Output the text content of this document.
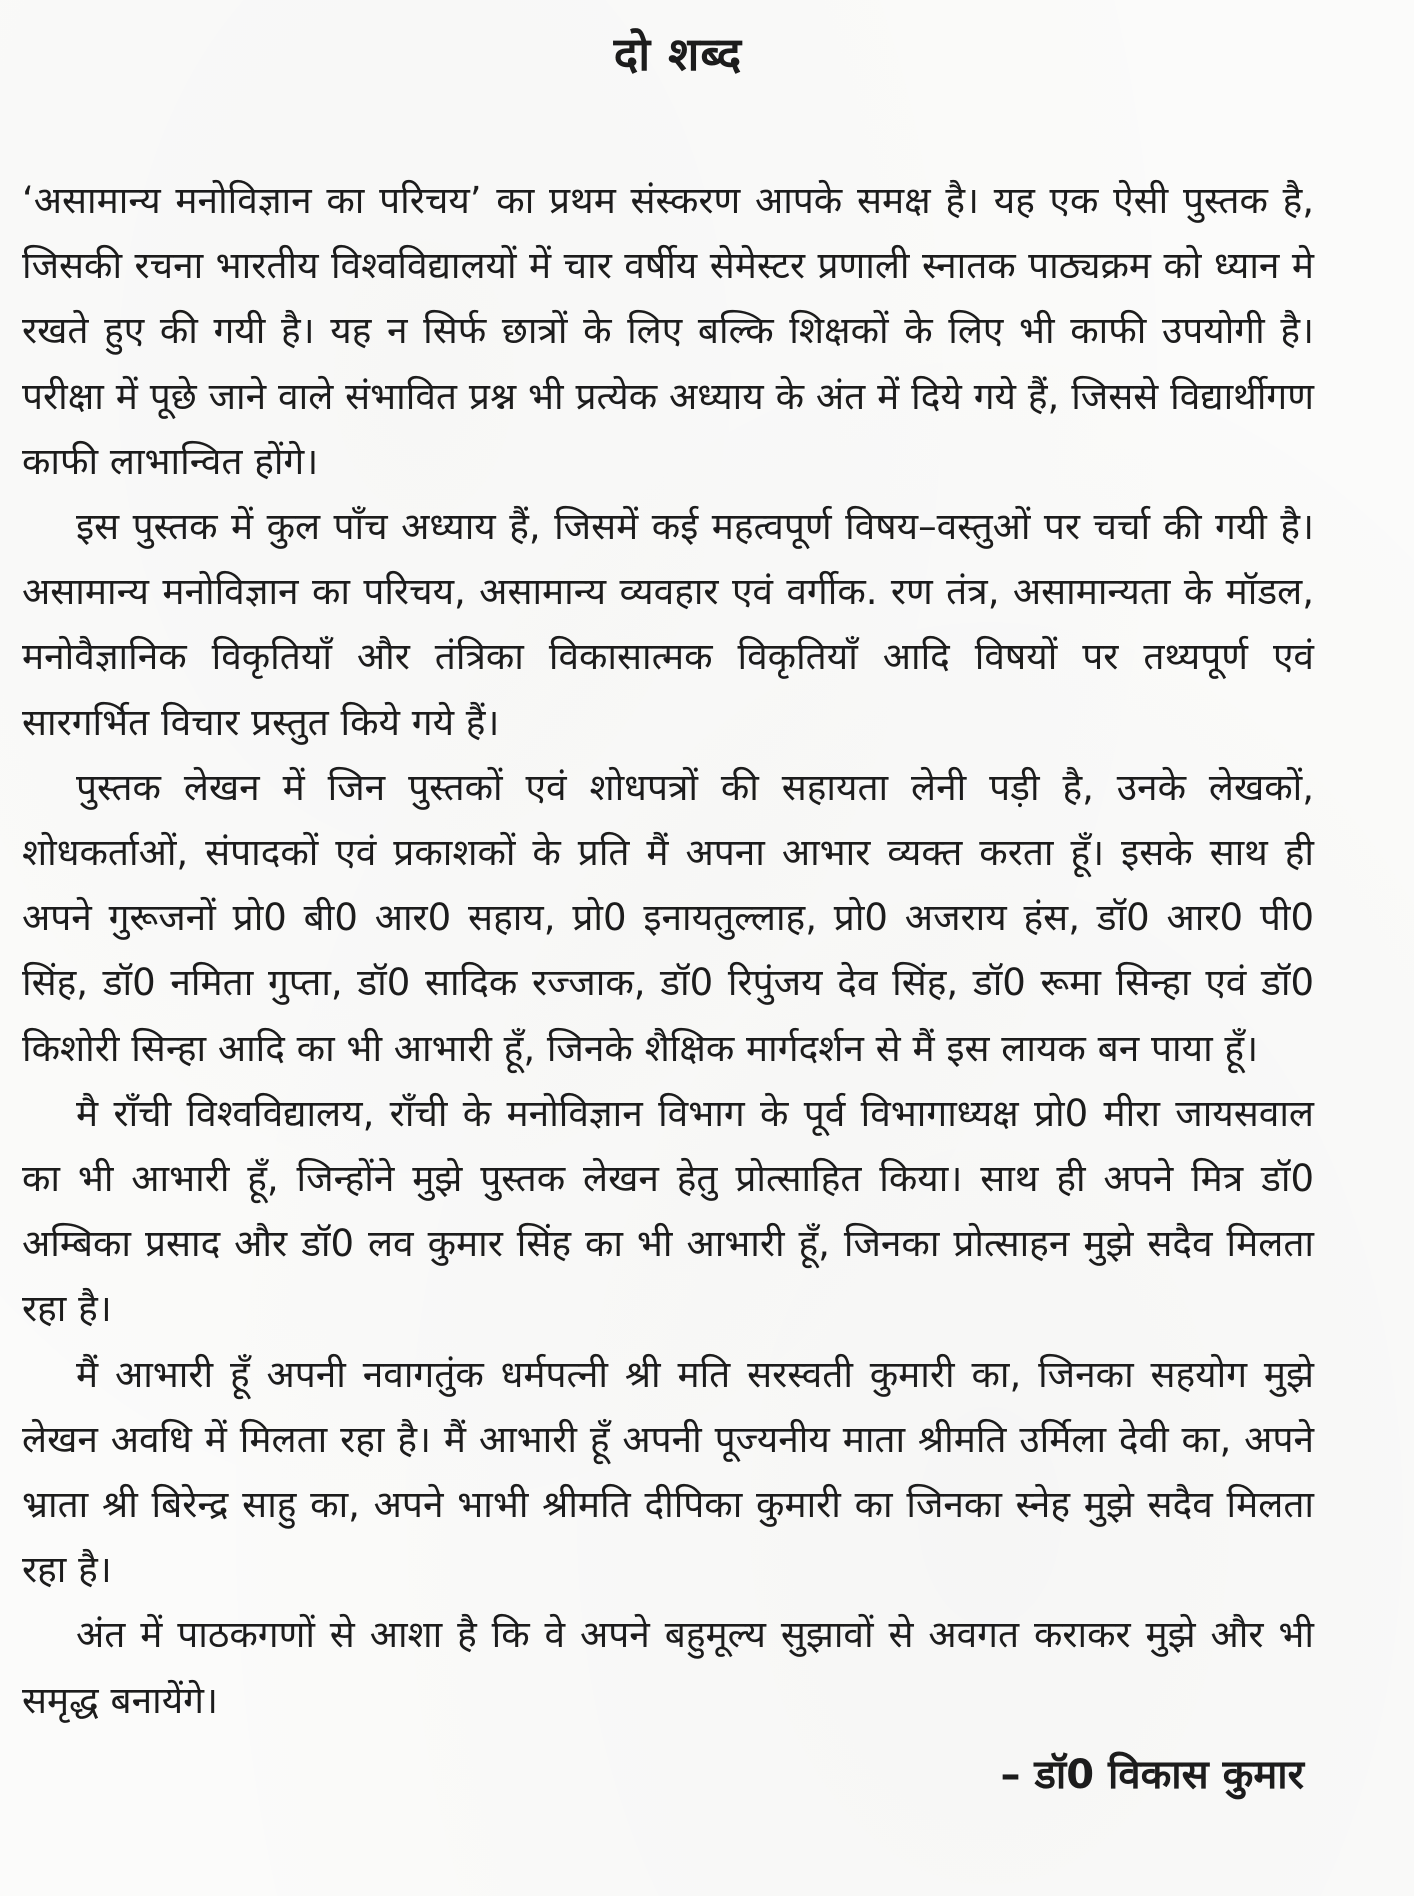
दो शब्द

‘असामान्य मनोविज्ञान का परिचय’ का प्रथम संस्करण आपके समक्ष है। यह एक ऐसी पुस्तक है, जिसकी रचना भारतीय विश्वविद्यालयों में चार वर्षीय सेमेस्टर प्रणाली स्नातक पाठ्यक्रम को ध्यान मे रखते हुए की गयी है। यह न सिर्फ छात्रों के लिए बल्कि शिक्षकों के लिए भी काफी उपयोगी है। परीक्षा में पूछे जाने वाले संभावित प्रश्न भी प्रत्येक अध्याय के अंत में दिये गये हैं, जिससे विद्यार्थीगण काफी लाभान्वित होंगे।

इस पुस्तक में कुल पाँच अध्याय हैं, जिसमें कई महत्वपूर्ण विषय–वस्तुओं पर चर्चा की गयी है। असामान्य मनोविज्ञान का परिचय, असामान्य व्यवहार एवं वर्गीक. रण तंत्र, असामान्यता के मॉडल, मनोवैज्ञानिक विकृतियाँ और तंत्रिका विकासात्मक विकृतियाँ आदि विषयों पर तथ्यपूर्ण एवं सारगर्भित विचार प्रस्तुत किये गये हैं।

पुस्तक लेखन में जिन पुस्तकों एवं शोधपत्रों की सहायता लेनी पड़ी है, उनके लेखकों, शोधकर्ताओं, संपादकों एवं प्रकाशकों के प्रति मैं अपना आभार व्यक्त करता हूँ। इसके साथ ही अपने गुरूजनों प्रो0 बी0 आर0 सहाय, प्रो0 इनायतुल्लाह, प्रो0 अजराय हंस, डॉ0 आर0 पी0 सिंह, डॉ0 नमिता गुप्ता, डॉ0 सादिक रज्जाक, डॉ0 रिपुंजय देव सिंह, डॉ0 रूमा सिन्हा एवं डॉ0 किशोरी सिन्हा आदि का भी आभारी हूँ, जिनके शैक्षिक मार्गदर्शन से मैं इस लायक बन पाया हूँ।

मै राँची विश्वविद्यालय, राँची के मनोविज्ञान विभाग के पूर्व विभागाध्यक्ष प्रो0 मीरा जायसवाल का भी आभारी हूँ, जिन्होंने मुझे पुस्तक लेखन हेतु प्रोत्साहित किया। साथ ही अपने मित्र डॉ0 अम्बिका प्रसाद और डॉ0 लव कुमार सिंह का भी आभारी हूँ, जिनका प्रोत्साहन मुझे सदैव मिलता रहा है।

मैं आभारी हूँ अपनी नवागतुंक धर्मपत्नी श्री मति सरस्वती कुमारी का, जिनका सहयोग मुझे लेखन अवधि में मिलता रहा है। मैं आभारी हूँ अपनी पूज्यनीय माता श्रीमति उर्मिला देवी का, अपने भ्राता श्री बिरेन्द्र साहु का, अपने भाभी श्रीमति दीपिका कुमारी का जिनका स्नेह मुझे सदैव मिलता रहा है।

अंत में पाठकगणों से आशा है कि वे अपने बहुमूल्य सुझावों से अवगत कराकर मुझे और भी समृद्ध बनायेंगे।

– डॉ0 विकास कुमार
